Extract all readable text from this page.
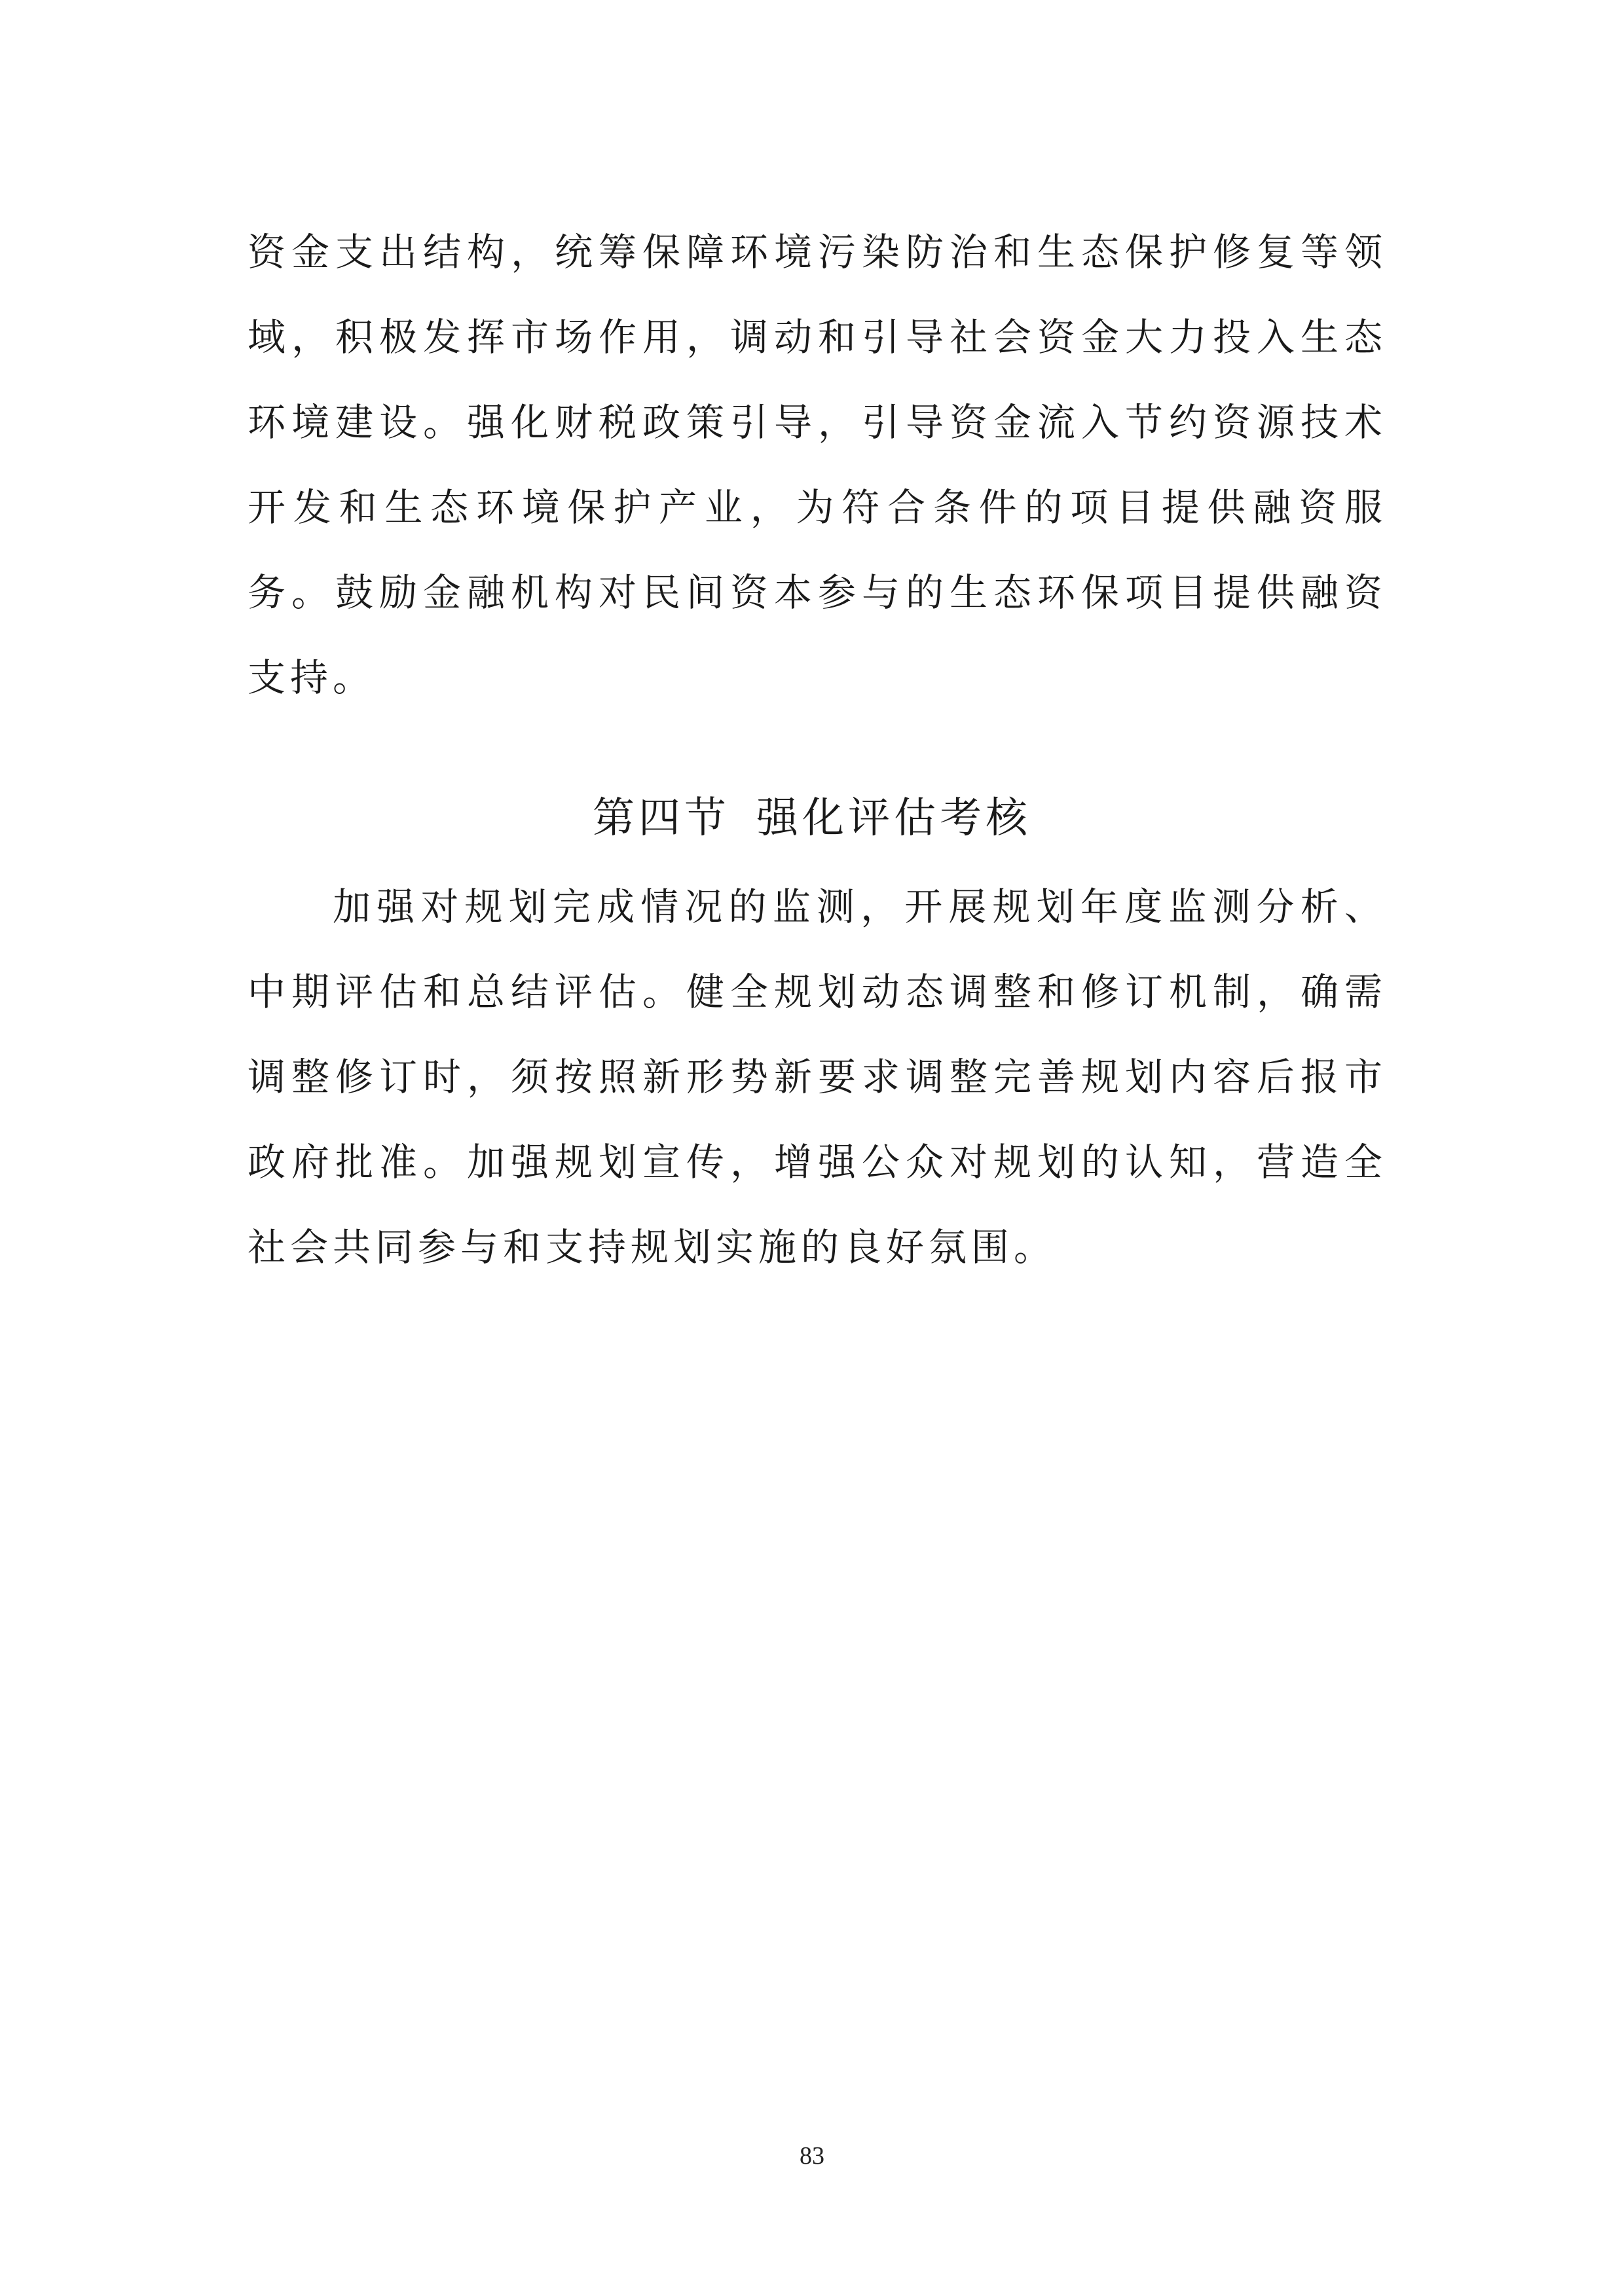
资金支出结构，统筹保障环境污染防治和生态保护修复等领域，积极发挥市场作用，调动和引导社会资金大力投入生态环境建设。强化财税政策引导，引导资金流入节约资源技术开发和生态环境保护产业，为符合条件的项目提供融资服务。鼓励金融机构对民间资本参与的生态环保项目提供融资支持。

第四节 强化评估考核

加强对规划完成情况的监测，开展规划年度监测分析、中期评估和总结评估。健全规划动态调整和修订机制，确需调整修订时，须按照新形势新要求调整完善规划内容后报市政府批准。加强规划宣传，增强公众对规划的认知，营造全社会共同参与和支持规划实施的良好氛围。

83
